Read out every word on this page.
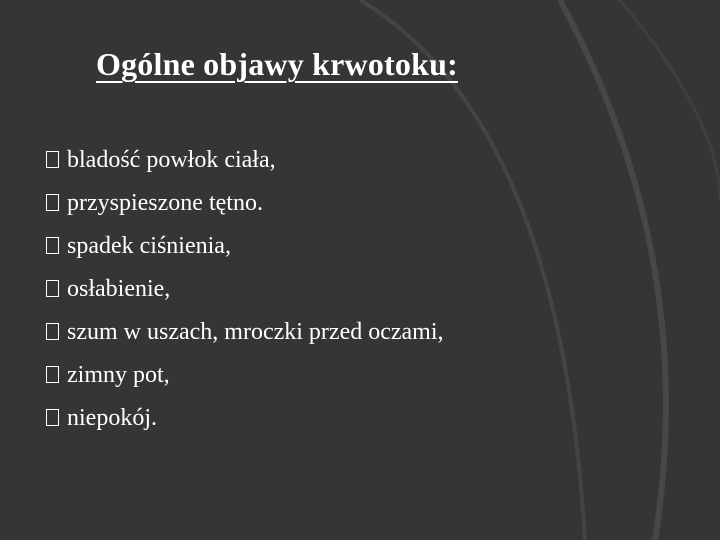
Ogólne objawy krwotoku:
bladość powłok ciała,
przyspieszone tętno.
spadek ciśnienia,
osłabienie,
szum w uszach, mroczki przed oczami,
zimny pot,
niepokój.
